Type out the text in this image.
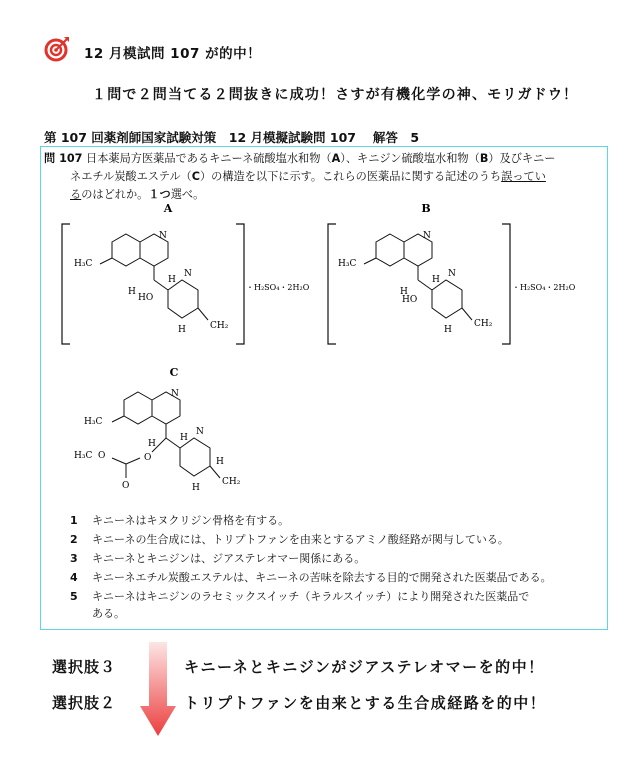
12 月模試問 107 が的中！
１問で２問当てる２問抜きに成功！さすが有機化学の神、モリガドウ！
第 107 回薬剤師国家試験対策　12 月模擬試験問 107　 解答　5
問 107 日本薬局方医薬品であるキニーネ硫酸塩水和物（A）、キニジン硫酸塩水和物（B）及びキニー
ネエチル炭酸エステル（C）の構造を以下に示す。これらの医薬品に関する記述のうち誤ってい
るのはどれか。１つ選べ。
A
N
H₃C
H
HO
N
H
H	CH₂
・H₂SO₄・2H₂O
B
N
H₃C
H
HO
N
H
H
CH₂
・H₂SO₄・2H₂O
C
N
H₃C
H
O
O
O
H₃C
N
H
H
H
CH₂
1 キニーネはキヌクリジン骨格を有する。
2 キニーネの生合成には、トリプトファンを由来とするアミノ酸経路が関与している。
3 キニーネとキニジンは、ジアステレオマー関係にある。
4 キニーネエチル炭酸エステルは、キニーネの苦味を除去する目的で開発された医薬品である。
5 キニーネはキニジンのラセミックスイッチ（キラルスイッチ）により開発された医薬品で
ある。
選択肢３	キニーネとキニジンがジアステレオマーを的中！
選択肢２	トリプトファンを由来とする生合成経路を的中！
